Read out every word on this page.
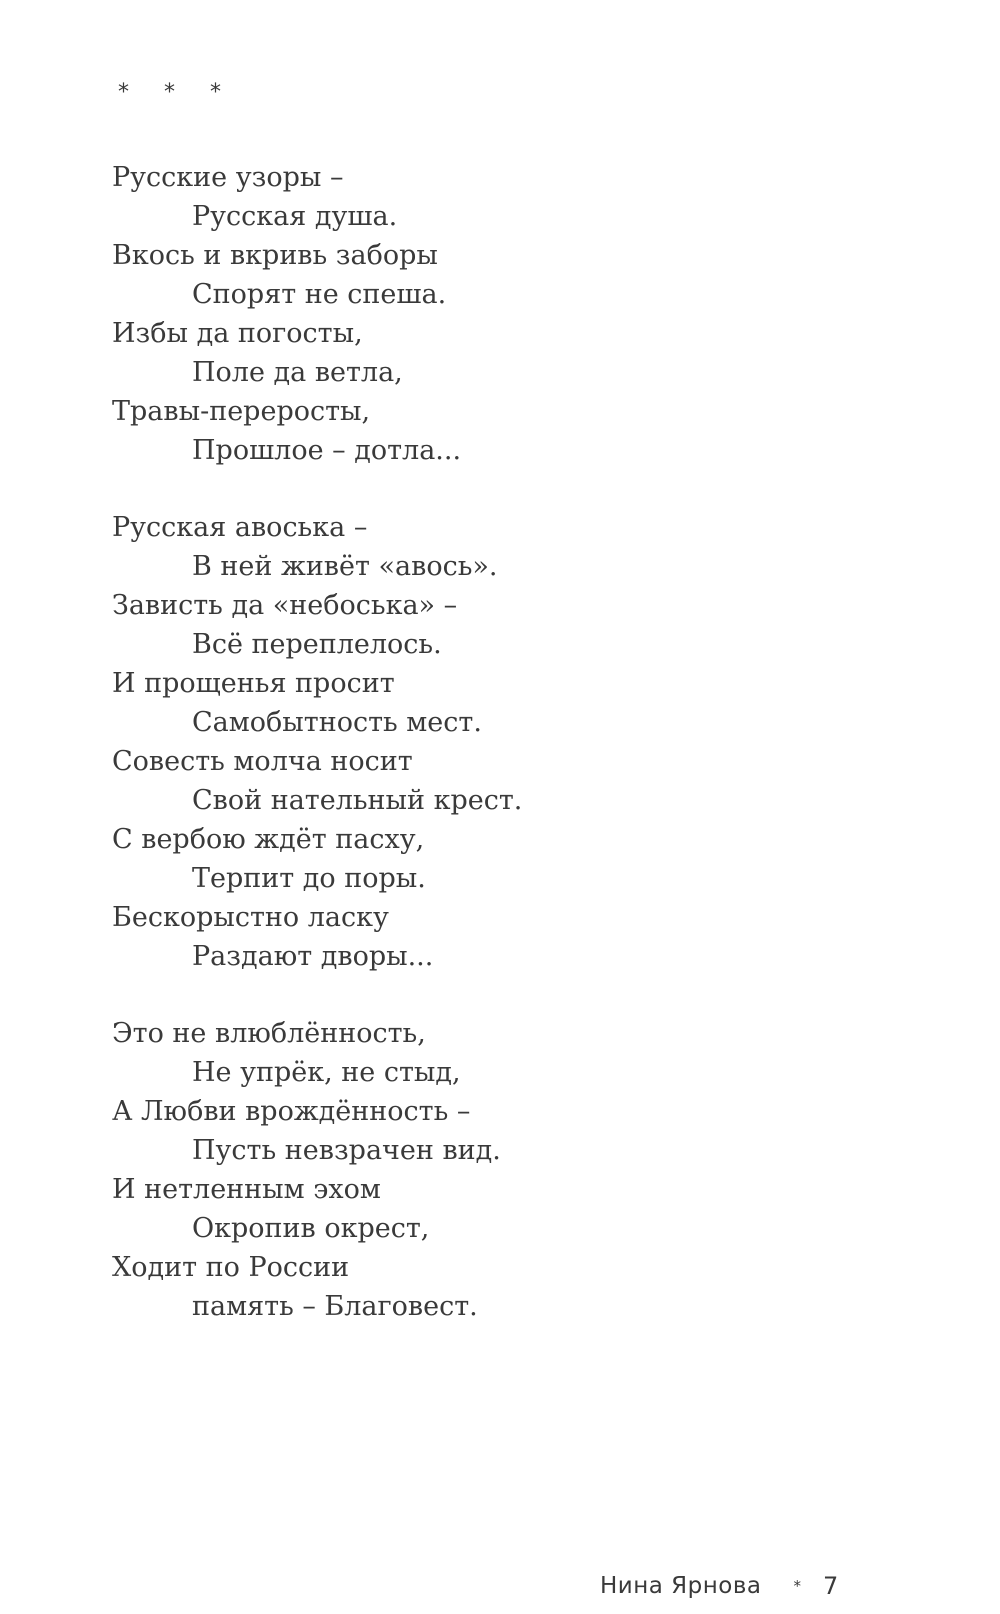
* * *
Русские узоры –
Русская душа.
Вкось и вкривь заборы
Спорят не спеша.
Избы да погосты,
Поле да ветла,
Травы-переросты,
Прошлое – дотла...
Русская авоська –
В ней живёт «авось».
Зависть да «небоська» –
Всё переплелось.
И прощенья просит
Самобытность мест.
Совесть молча носит
Свой нательный крест.
С вербою ждёт пасху,
Терпит до поры.
Бескорыстно ласку
Раздают дворы...
Это не влюблённость,
Не упрёк, не стыд,
А Любви врождённость –
Пусть невзрачен вид.
И нетленным эхом
Окропив окрест,
Ходит по России
память – Благовест.
Нина Ярнова * 7
